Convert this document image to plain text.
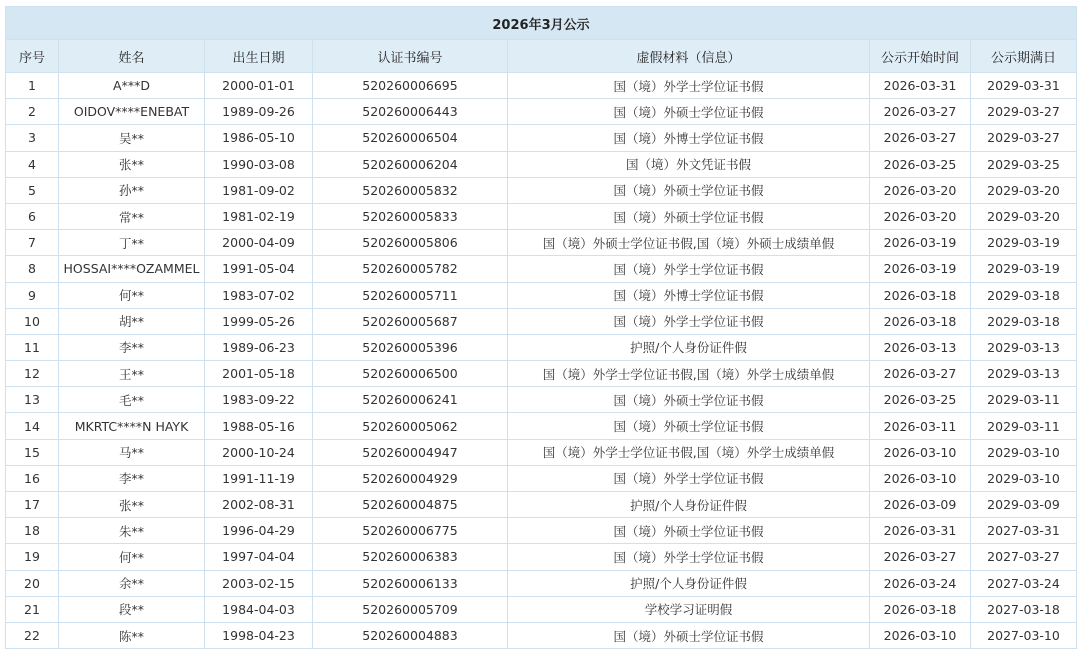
2026年3月公示						
序号	姓名	出生日期	认证书编号	虚假材料（信息）	公示开始时间	公示期满日
1	A***D	2000-01-01	520260006695	国（境）外学士学位证书假	2026-03-31	2029-03-31
2	OIDOV****ENEBAT	1989-09-26	520260006443	国（境）外硕士学位证书假	2026-03-27	2029-03-27
3	吴**	1986-05-10	520260006504	国（境）外博士学位证书假	2026-03-27	2029-03-27
4	张**	1990-03-08	520260006204	国（境）外文凭证书假	2026-03-25	2029-03-25
5	孙**	1981-09-02	520260005832	国（境）外硕士学位证书假	2026-03-20	2029-03-20
6	常**	1981-02-19	520260005833	国（境）外硕士学位证书假	2026-03-20	2029-03-20
7	丁**	2000-04-09	520260005806	国（境）外硕士学位证书假,国（境）外硕士成绩单假	2026-03-19	2029-03-19
8	HOSSAI****OZAMMEL	1991-05-04	520260005782	国（境）外学士学位证书假	2026-03-19	2029-03-19
9	何**	1983-07-02	520260005711	国（境）外博士学位证书假	2026-03-18	2029-03-18
10	胡**	1999-05-26	520260005687	国（境）外学士学位证书假	2026-03-18	2029-03-18
11	李**	1989-06-23	520260005396	护照/个人身份证件假	2026-03-13	2029-03-13
12	王**	2001-05-18	520260006500	国（境）外学士学位证书假,国（境）外学士成绩单假	2026-03-27	2029-03-13
13	毛**	1983-09-22	520260006241	国（境）外硕士学位证书假	2026-03-25	2029-03-11
14	MKRTC****N HAYK	1988-05-16	520260005062	国（境）外硕士学位证书假	2026-03-11	2029-03-11
15	马**	2000-10-24	520260004947	国（境）外学士学位证书假,国（境）外学士成绩单假	2026-03-10	2029-03-10
16	李**	1991-11-19	520260004929	国（境）外学士学位证书假	2026-03-10	2029-03-10
17	张**	2002-08-31	520260004875	护照/个人身份证件假	2026-03-09	2029-03-09
18	朱**	1996-04-29	520260006775	国（境）外硕士学位证书假	2026-03-31	2027-03-31
19	何**	1997-04-04	520260006383	国（境）外学士学位证书假	2026-03-27	2027-03-27
20	余**	2003-02-15	520260006133	护照/个人身份证件假	2026-03-24	2027-03-24
21	段**	1984-04-03	520260005709	学校学习证明假	2026-03-18	2027-03-18
22	陈**	1998-04-23	520260004883	国（境）外硕士学位证书假	2026-03-10	2027-03-10
